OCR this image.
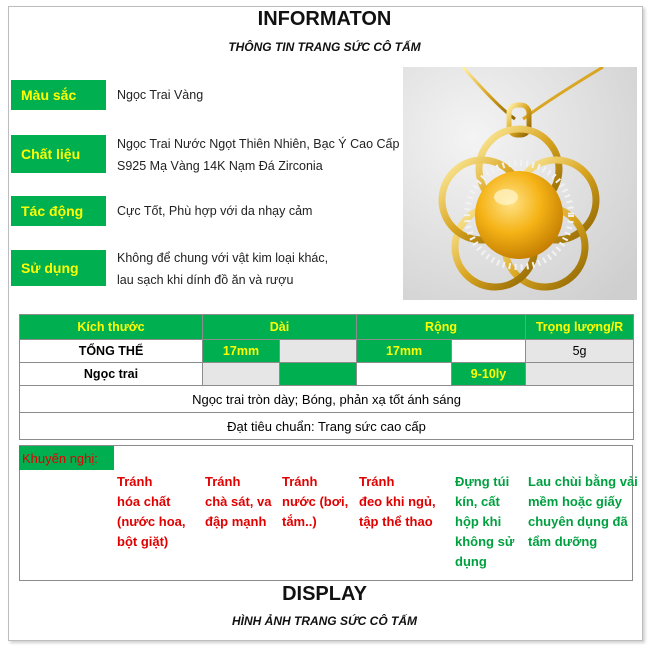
INFORMATON
THÔNG TIN TRANG SỨC CÔ TẤM
Màu sắc	Ngọc Trai Vàng
Chất liệu
Ngọc Trai Nước Ngọt Thiên Nhiên, Bạc Ý Cao Cấp
S925 Mạ Vàng 14K Nạm Đá Zirconia
Tác động	Cực Tốt, Phù hợp với da nhạy cảm
Sử dụng
Không để chung với vật kim loại khác,
lau sạch khi dính đồ ăn và rượu
Kích thước	Dài		Rộng		Trọng lượng/R
TỔNG THỂ	17mm		17mm		5g
Ngọc trai				9-10ly	
Ngọc trai tròn dày; Bóng, phản xạ tốt ánh sáng					
Đạt tiêu chuẩn: Trang sức cao cấp					
Khuyến nghị:
Tránh
hóa chất
(nước hoa,
bột giặt)
Tránh
chà sát, va
đập mạnh
Tránh
nước (bơi,
tắm..)
Tránh
đeo khi ngủ,
tập thể thao
Đựng túi
kín, cất
hộp khi
không sử
dụng
Lau chùi bằng vải
mềm hoặc giấy
chuyên dụng đã
tẩm dưỡng
DISPLAY
HÌNH ẢNH TRANG SỨC CÔ TẤM
